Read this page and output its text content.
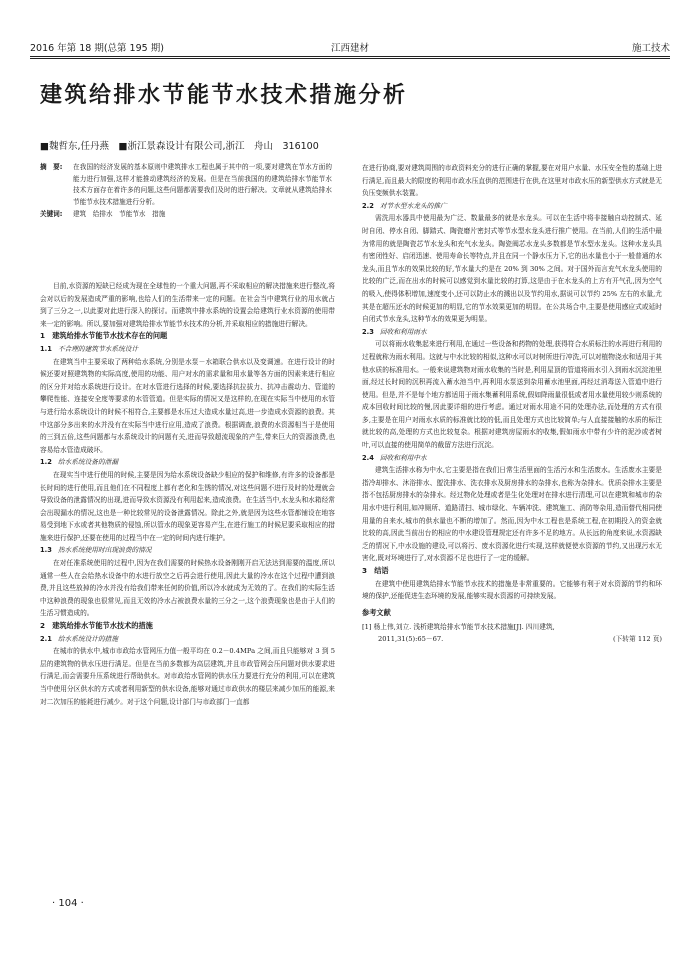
2016 年第 18 期(总第 195 期)	江西建材	施工技术
建筑给排水节能节水技术措施分析
■魏哲东,任丹燕　■浙江景森设计有限公司,浙江　舟山　316100
摘　要:	在我国的经济发展的基本原则中建筑排水工程也属于其中的一项,要对建筑在节水方面的能力进行加强,这样才能推动建筑经济的发展。但是在当前我国的的建筑给排水节能节水技术方面存在着许多的问题,这些问题都需要我们及时的进行解决。文章就从建筑给排水节能节水技术措施进行分析。
关键词:	建筑　给排水　节能节水　措施

目前,水资源的短缺已经成为现在全球性的一个重大问题,再不采取相应的解决措施来进行整改,将会对以后的发展造成严重的影响,也给人们的生活带来一定的问题。在社会当中建筑行业的用水就占到了三分之一,以此要对此进行深入的探讨。而建筑中排水系统的设置会给建筑行业水资源的使用带来一定的影响。所以,要加强对建筑给排水节能节水技术的分析,并采取相应的措施进行解决。

1　建筑给排水节能节水技术存在的问题
1.1 不合理的建筑节水系统设计

在建筑当中主要采取了两种给水系统,分别是水泵－水箱联合供水以及变调速。在进行设计的时候还要对照建筑物的实际高度,使用的功能、用户对水的需求量和用水量等各方面的因素来进行相应的区分并对给水系统进行设计。在对水管进行选择的时候,要选择抗拉拔力、抗冲击震动力、管道的攀爬性能、连接安全度等要求的水管管道。但是实际的情况又是这样的,在现在实际当中使用的水管与进行给水系统设计的时候不相符合,主要都是水压过大造成水量过高,进一步造成水资源的浪费。其中这部分多出来的水并没有在实际当中进行应用,造成了浪费。根据调查,浪费的水资源相当于是使用的三到五倍,这些问题都与水系统设计的问题有关,进而导致超流现象的产生,带来巨大的资源浪费,也容易给水管造成破坏。

1.2 给水系统设备的泄漏

在现实当中进行使用的时候,主要是因为给水系统设备缺少相应的保护和维修,有许多的设备都是长时间的进行使用,而且他们在不同程度上都有老化和生锈的情况,对这些问题不进行及时的处理就会导致设备的泄露情况的出现,进而导致水资源没有利用起来,造成浪费。在生活当中,水龙头和水箱经常会出现漏水的情况,这也是一种比较常见的设备泄露情况。除此之外,就是因为这些水管都铺设在地容易受到地下水或者其他物质的侵蚀,所以管水的现象更容易产生,在进行施工的时候尼要采取相应的措施来进行保护,还要在使用的过程当中在一定的时间内进行维护。

1.3 热水系统使用时出现浪费的情况

在对任准系统使用的过程中,因为在我们需要的时候热水设备刚刚开启无法达到需要的温度,所以通常一些人在会给热水设备中的水进行放空之后再会进行使用,因此大量的冷水在这个过程中遭到浪费,并且这些放掉的冷水并没有给我们带来任何的价值,所以冷水就成为无效的了。在我们的实际生活中这种浪费的现象也很常见,而且无效的冷水占被浪费水量的三分之一,这个浪费现象也是由于人们的生活习惯造成的。

2　建筑给排水节能节水技术的措施
2.1 给水系统设计的措施

在城市的供水中,城市市政给水管网压力值一般平均在 0.2－0.4MPa 之间,而且只能够对 3 到 5 层的建筑物的供水压进行满足。但是在当前多数都为高层建筑,并且市政管网会压问题对供水要求进行满足,而会需要升压系统进行帮助供水。对市政给水管网的供水压力要进行充分的利用,可以在建筑当中使用分区供水的方式或者利用新型的供水设备,能够对通过市政供水的楼层来减少加压的能源,来对二次加压的能耗进行减少。对于这个问题,设计部门与市政部门一直都

在进行协商,要对建筑周围的市政资料充分的进行正确的掌握,要在对用户水量、水压安全性的基础上进行满足,而且最大的限度的利用市政水压直供的范围进行在供,在这里对市政水压的新型供水方式就是无负压变频供水装置。

2.2 对节水型水龙头的推广

需洗用水器具中使用最为广泛、数量最多的就是水龙头。可以在生活中将非接触自动控制式、延时自闭、停水自闭、脚踏式、陶瓷磨片密封式等节水型水龙头进行推广使用。在当前,人们的生活中最为常用的就是陶瓷芯节水龙头和充气水龙头。陶瓷阀芯水龙头多数都是节水型水龙头。这种水龙头具有密闭性好、启闭迅速、使用寿命长等特点,并且在同一个静水压力下,它的出水量也小于一般普通的水龙头,而且节水的效果比较的好,节水量大约是在 20% 到 30% 之间。对于国外而言充气水龙头使用的比较的广泛,而在出水的时候可以感觉到水量比较的打算,这是由于在水龙头的上方有开气孔,因为空气的吸入,使得体积增加,速度变小,还可以防止水的溅出以及节约用水,据说可以节约 25% 左右的水量,尤其是在超压还水的时候更加的明显,它的节水效果更加的明显。在公共场合中,主要是使用感应式或延时自闭式节水龙头,这种节水的效果更为明显。

2.3 回收和利用雨水

可以将雨水收集起来进行利用,在通过一些设备和药物的处理,获得符合水质标注的水再进行利用的过程就称为雨水利用。这就与中水比较的相似,这种水可以对树所进行冲洗,可以对植物浇水和适用于其他水质的标准用水。一般来说建筑物对雨水收集的当时是,利用屋顶的管道将雨水引入到雨水沉淀池里面,经过长时间的沉积再流入蓄水池当中,再利用水泵送到杂用蓄水池里面,再经过消毒送入管道中进行使用。但是,并不是每个地方都适用于雨水集蓄利用系统,假如降雨量很低或者用水量使用较少则系统的成本回收时间比较的慢,因此要详细的进行考虑。通过对雨水用途不同的处理办法,而处理的方式有很多,主要是在用户对雨水水质的标准就比较的低,而且处理方式也比较简单;与人直接接触的水质的标注就比较的高,处理的方式也比较复杂。根据对建筑房屋雨水的收集,假如雨水中带有少许的泥沙或者树叶,可以直接的使用简单的截留方法进行沉淀。

2.4 回收和利用中水

建筑生活排水称为中水,它主要是指在我们日常生活里面的生活污水和生活废水。生活废水主要是指冷却排水、沐浴排水、盥洗排水、洗衣排水及厨房排水的杂排水,也称为杂排水。优质杂排水主要是指不包括厨房排水的杂排水。经过物化处理或者是生化处理对在排水进行清理,可以在建筑和城市的杂用水中进行利用,如冲厕所、道路清扫、城市绿化、车辆冲洗、建筑施工、消防等杂用,造而替代相同使用量的自来水,城市的供水量也不断的增加了。然而,因为中水工程也是系统工程,在初期投入的资金就比较的高,因此当前出台的相应的中水建设管理规定还有许多不足的地方。从长远的角度来说,水资源缺乏的情况下,中水设施的建设,可以将污、废水资源化进行实现,这样就便使水资源的节约,又出现污水无害化,既对环境进行了,对水资源不足也进行了一定的缓解。

3　结语

在建筑中使用建筑给排水节能节水技术的措施是非常重要的。它能够有利于对水资源的节约和环境的保护,还能促进生态环境的发展,能够实现水资源的可持续发展。

参考文献
[1] 杨上伟,刘立. 浅析建筑给排水节能节水技术措施[J]. 四川建筑,
2011,31(5):65－67.	(下转第 112 页)
· 104 ·
